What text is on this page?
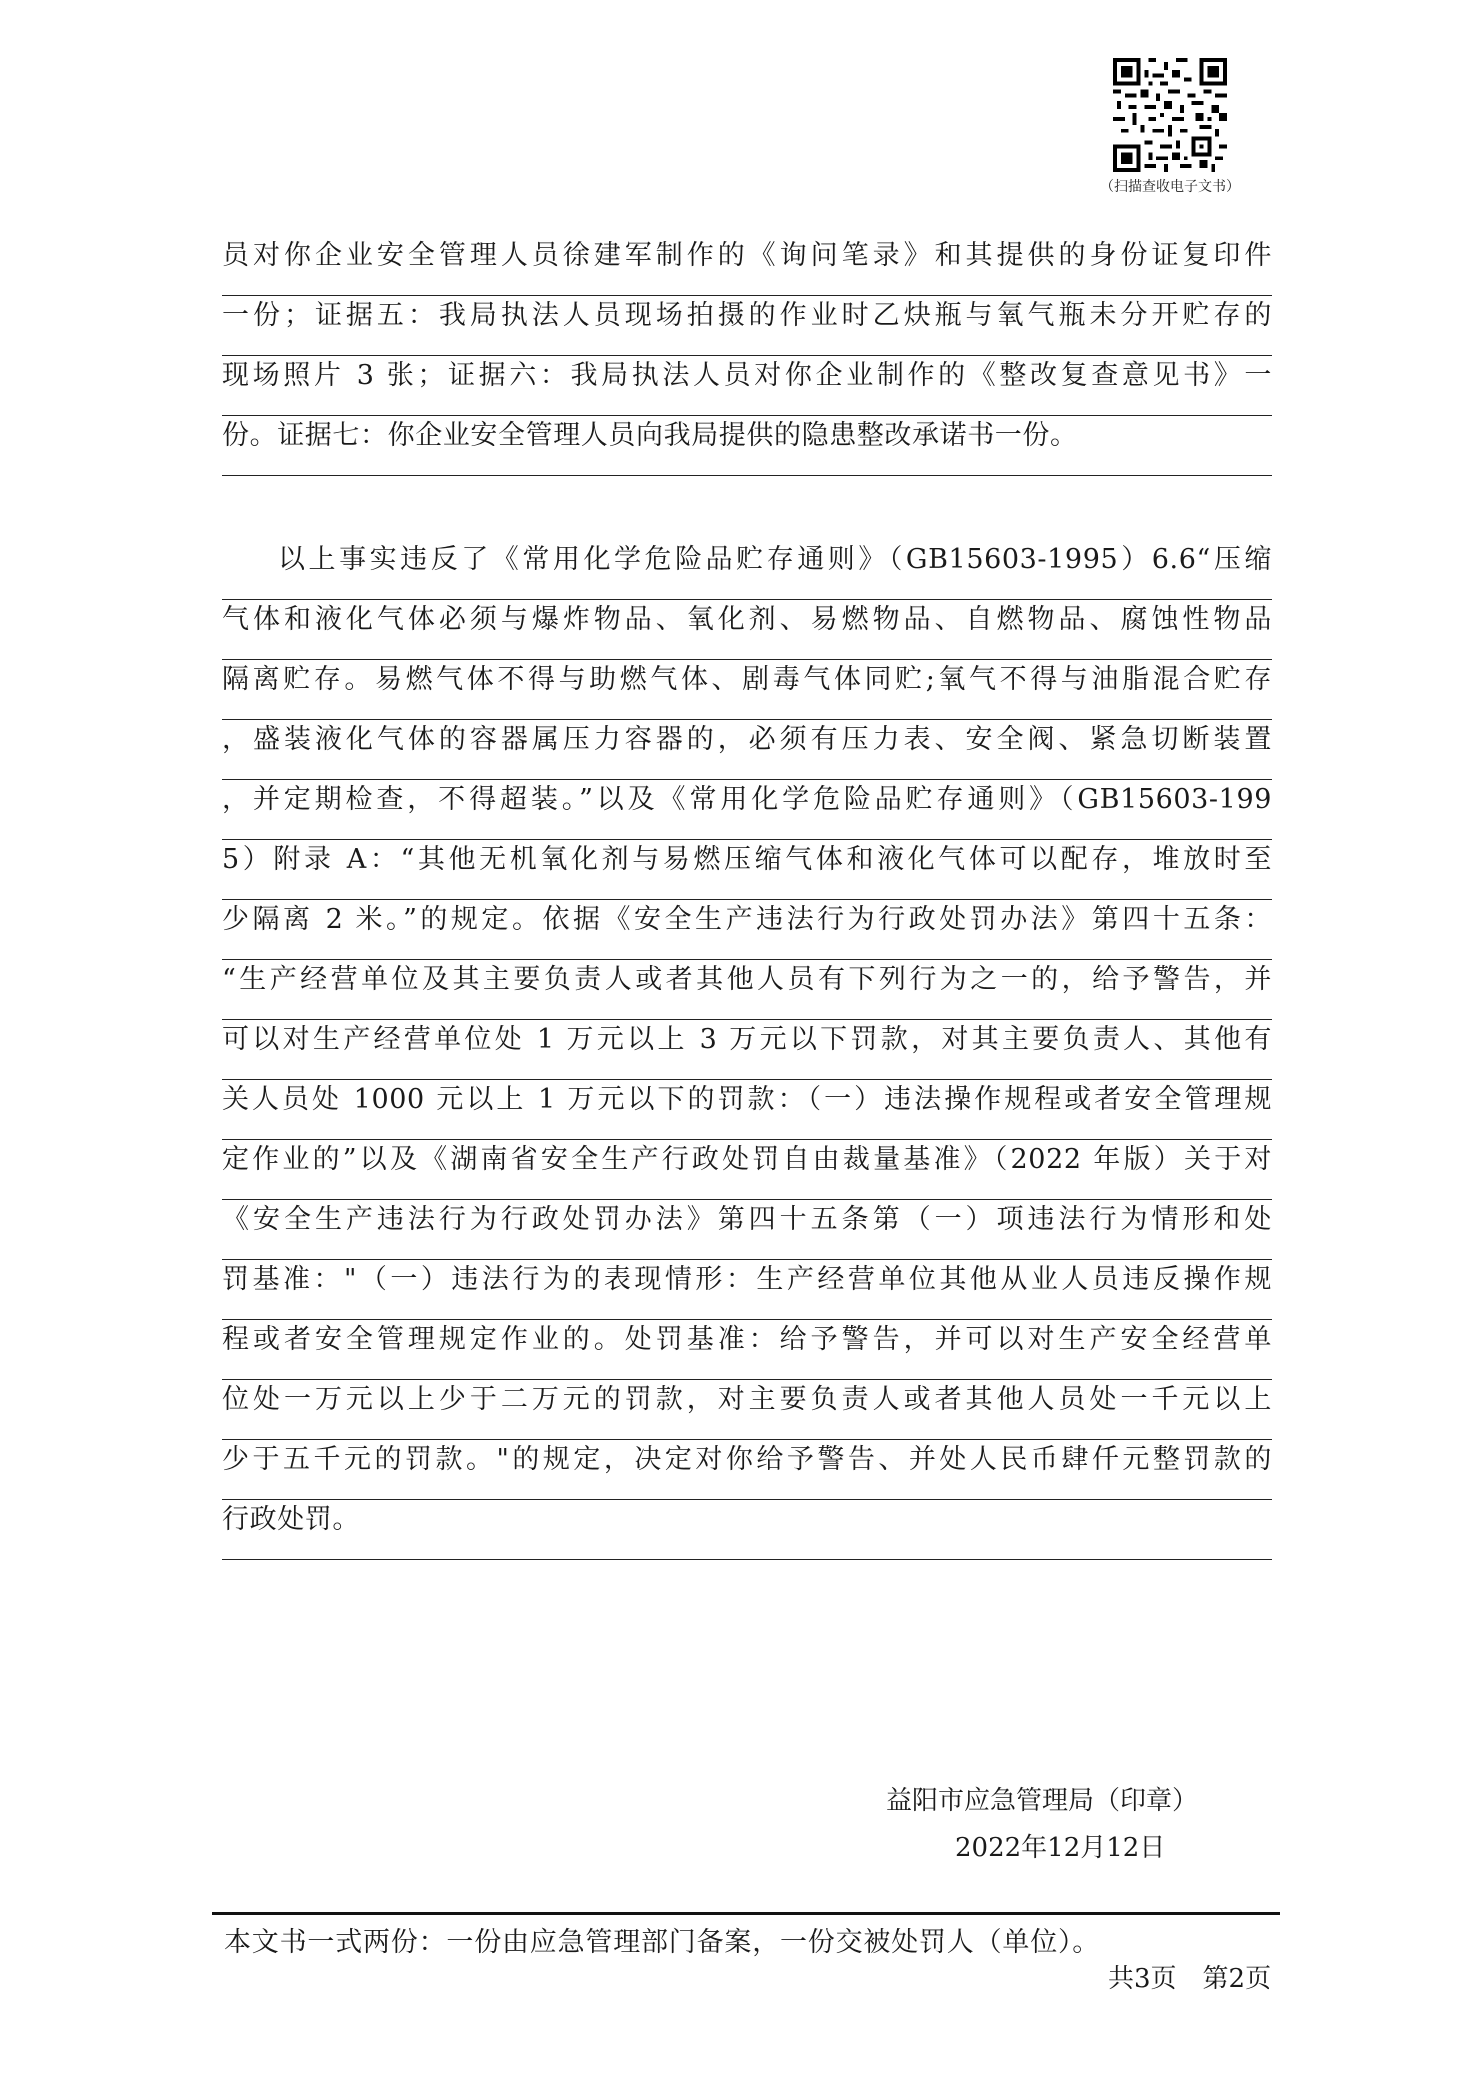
（扫描查收电子文书）
员对你企业安全管理人员徐建军制作的《询问笔录》和其提供的身份证复印件
一份；证据五：我局执法人员现场拍摄的作业时乙炔瓶与氧气瓶未分开贮存的
现场照片 3 张；证据六：我局执法人员对你企业制作的《整改复查意见书》一
份。证据七：你企业安全管理人员向我局提供的隐患整改承诺书一份。
以上事实违反了《常用化学危险品贮存通则》（GB15603-1995）6.6“压缩
气体和液化气体必须与爆炸物品、氧化剂、易燃物品、自燃物品、腐蚀性物品
隔离贮存。易燃气体不得与助燃气体、剧毒气体同贮;氧气不得与油脂混合贮存
，盛装液化气体的容器属压力容器的，必须有压力表、安全阀、紧急切断装置
，并定期检查，不得超装。”以及《常用化学危险品贮存通则》（GB15603-199
5）附录 A：“其他无机氧化剂与易燃压缩气体和液化气体可以配存，堆放时至
少隔离 2 米。”的规定。依据《安全生产违法行为行政处罚办法》第四十五条：
“生产经营单位及其主要负责人或者其他人员有下列行为之一的，给予警告，并
可以对生产经营单位处 1 万元以上 3 万元以下罚款，对其主要负责人、其他有
关人员处 1000 元以上 1 万元以下的罚款：（一）违法操作规程或者安全管理规
定作业的”以及《湖南省安全生产行政处罚自由裁量基准》（2022 年版）关于对
《安全生产违法行为行政处罚办法》第四十五条第（一）项违法行为情形和处
罚基准："（一）违法行为的表现情形：生产经营单位其他从业人员违反操作规
程或者安全管理规定作业的。处罚基准：给予警告，并可以对生产安全经营单
位处一万元以上少于二万元的罚款，对主要负责人或者其他人员处一千元以上
少于五千元的罚款。"的规定，决定对你给予警告、并处人民币肆仟元整罚款的
行政处罚。
益阳市应急管理局（印章）
2022年12月12日
本文书一式两份：一份由应急管理部门备案，一份交被处罚人（单位）。
共3页　第2页
